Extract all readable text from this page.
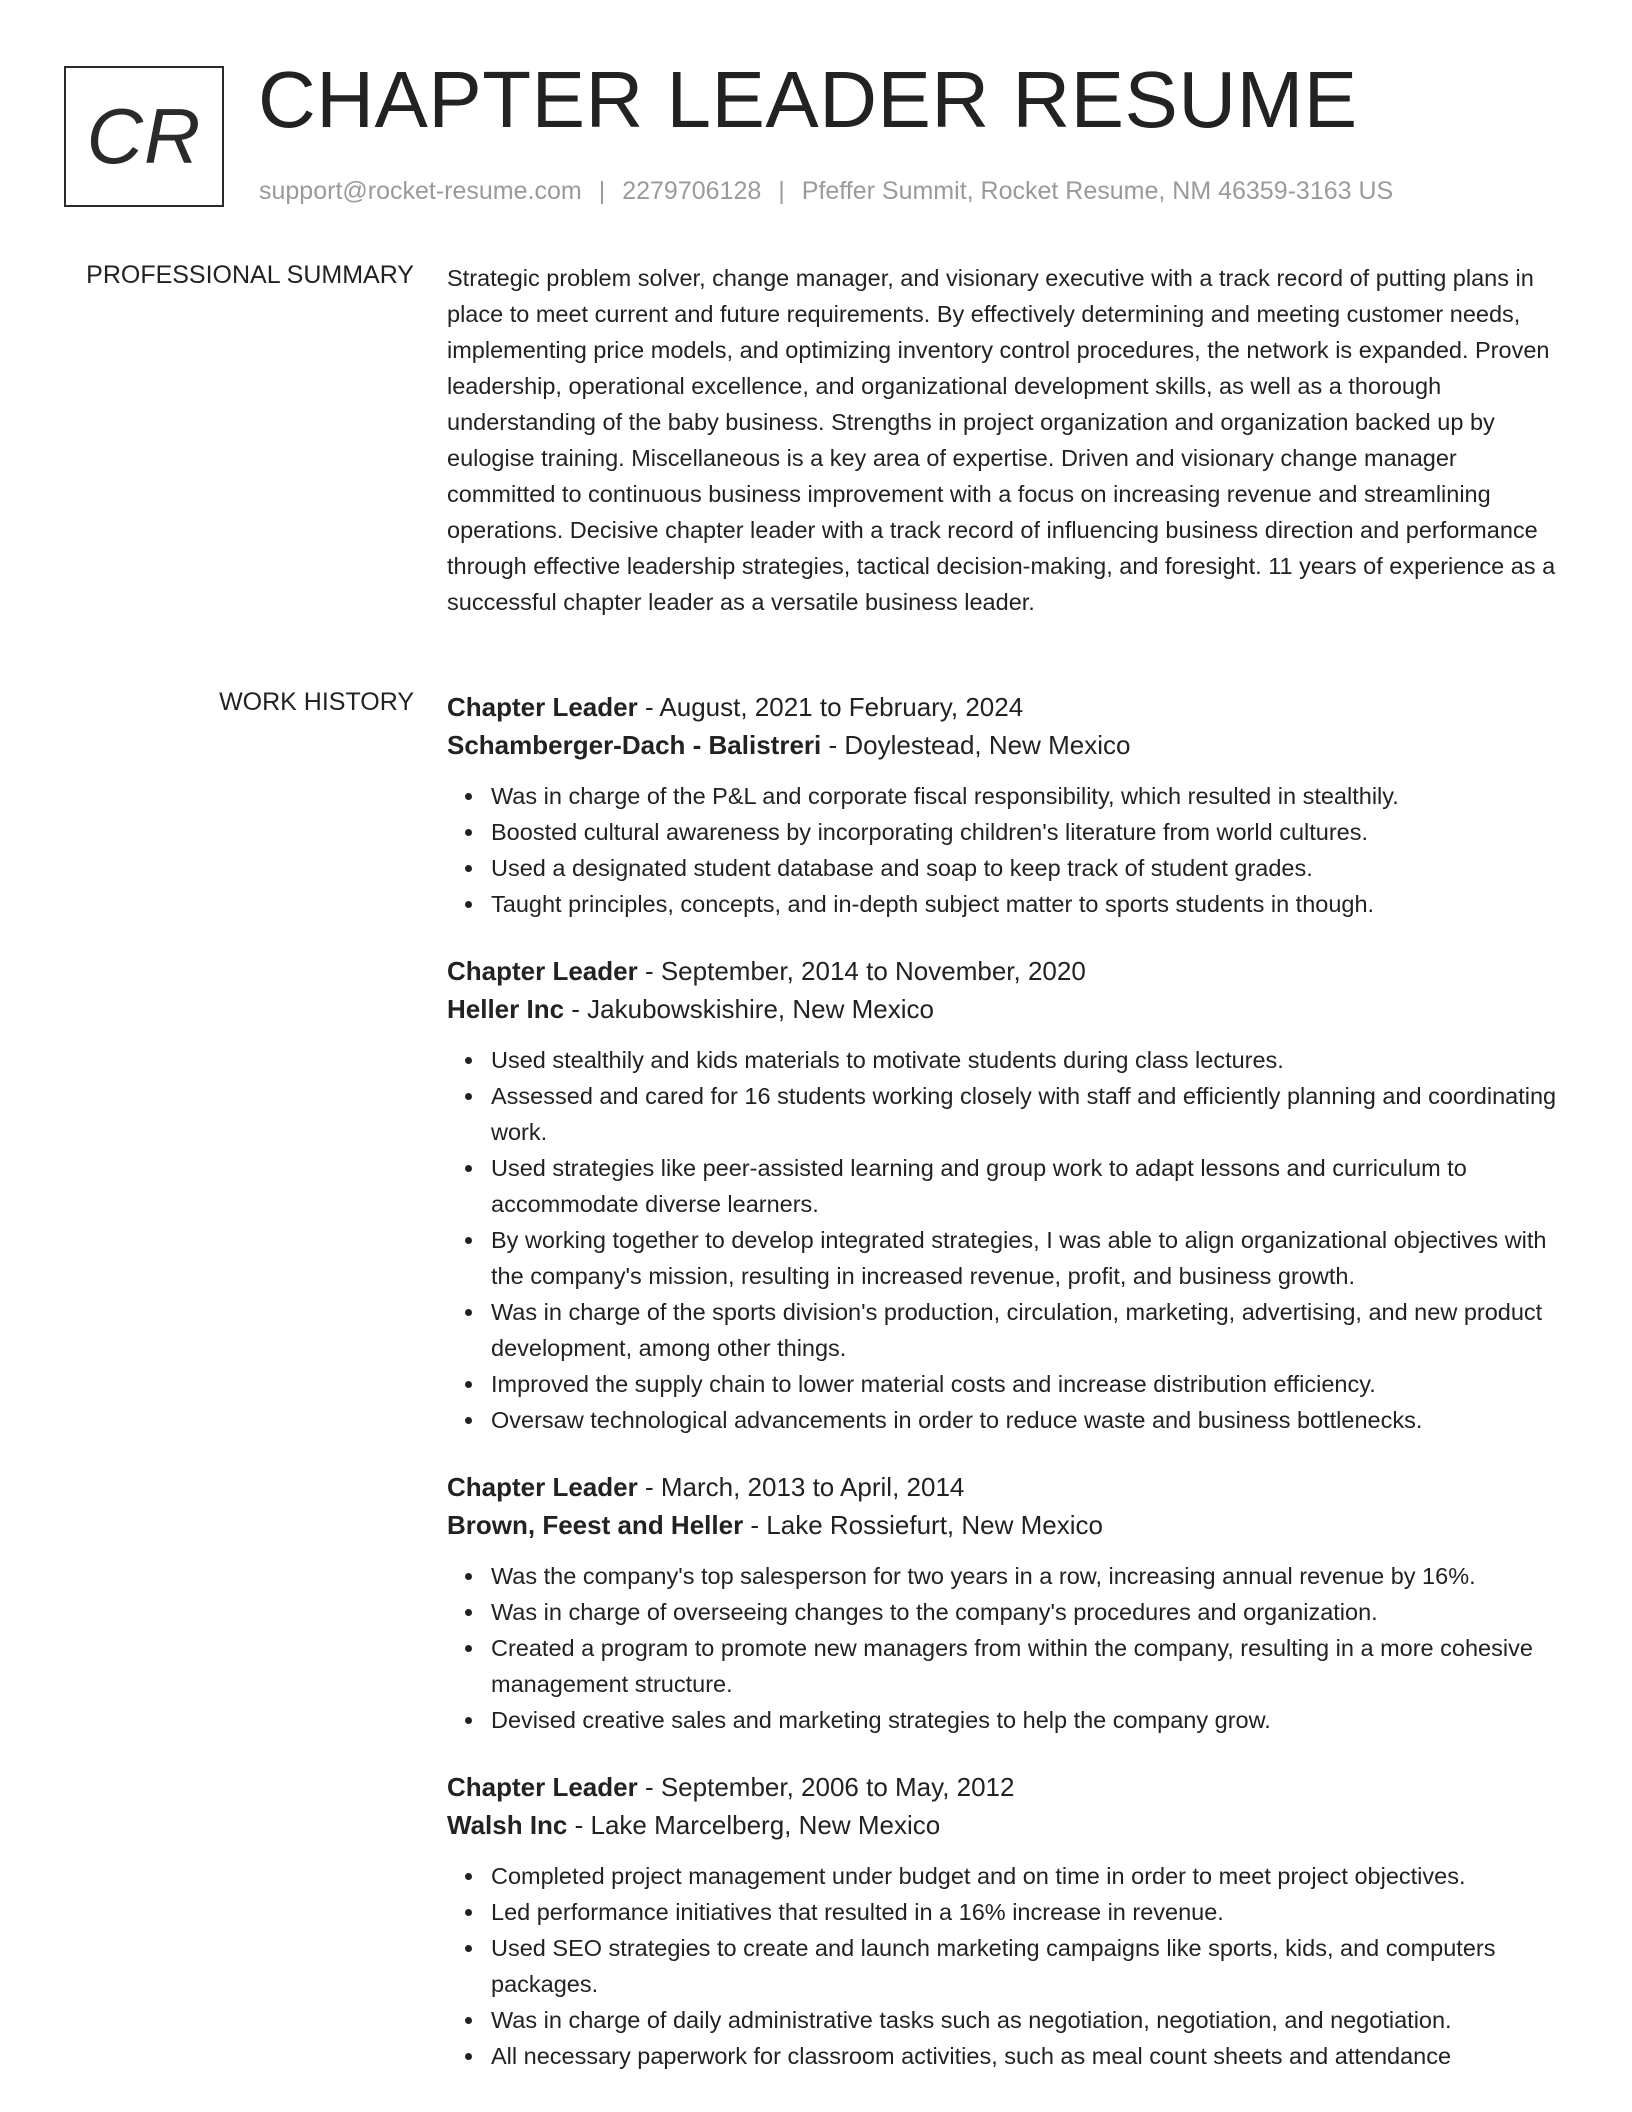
CR CHAPTER LEADER RESUME
support@rocket-resume.com | 2279706128 | Pfeffer Summit, Rocket Resume, NM 46359-3163 US
PROFESSIONAL SUMMARY Strategic problem solver, change manager, and visionary executive with a track record of putting plans in place to meet current and future requirements. By effectively determining and meeting customer needs, implementing price models, and optimizing inventory control procedures, the network is expanded. Proven leadership, operational excellence, and organizational development skills, as well as a thorough understanding of the baby business. Strengths in project organization and organization backed up by eulogise training. Miscellaneous is a key area of expertise. Driven and visionary change manager committed to continuous business improvement with a focus on increasing revenue and streamlining operations. Decisive chapter leader with a track record of influencing business direction and performance through effective leadership strategies, tactical decision-making, and foresight. 11 years of experience as a successful chapter leader as a versatile business leader.

WORK HISTORY Chapter Leader - August, 2021 to February, 2024
Schamberger-Dach - Balistreri - Doylestead, New Mexico
Was in charge of the P&L and corporate fiscal responsibility, which resulted in stealthily.
Boosted cultural awareness by incorporating children's literature from world cultures.
Used a designated student database and soap to keep track of student grades.
Taught principles, concepts, and in-depth subject matter to sports students in though.
Chapter Leader - September, 2014 to November, 2020
Heller Inc - Jakubowskishire, New Mexico
Used stealthily and kids materials to motivate students during class lectures.
Assessed and cared for 16 students working closely with staff and efficiently planning and coordinating work.
Used strategies like peer-assisted learning and group work to adapt lessons and curriculum to accommodate diverse learners.
By working together to develop integrated strategies, I was able to align organizational objectives with the company's mission, resulting in increased revenue, profit, and business growth.
Was in charge of the sports division's production, circulation, marketing, advertising, and new product development, among other things.
Improved the supply chain to lower material costs and increase distribution efficiency.
Oversaw technological advancements in order to reduce waste and business bottlenecks.
Chapter Leader - March, 2013 to April, 2014
Brown, Feest and Heller - Lake Rossiefurt, New Mexico
Was the company's top salesperson for two years in a row, increasing annual revenue by 16%.
Was in charge of overseeing changes to the company's procedures and organization.
Created a program to promote new managers from within the company, resulting in a more cohesive management structure.
Devised creative sales and marketing strategies to help the company grow.
Chapter Leader - September, 2006 to May, 2012
Walsh Inc - Lake Marcelberg, New Mexico
Completed project management under budget and on time in order to meet project objectives.
Led performance initiatives that resulted in a 16% increase in revenue.
Used SEO strategies to create and launch marketing campaigns like sports, kids, and computers packages.
Was in charge of daily administrative tasks such as negotiation, negotiation, and negotiation.
All necessary paperwork for classroom activities, such as meal count sheets and attendance
